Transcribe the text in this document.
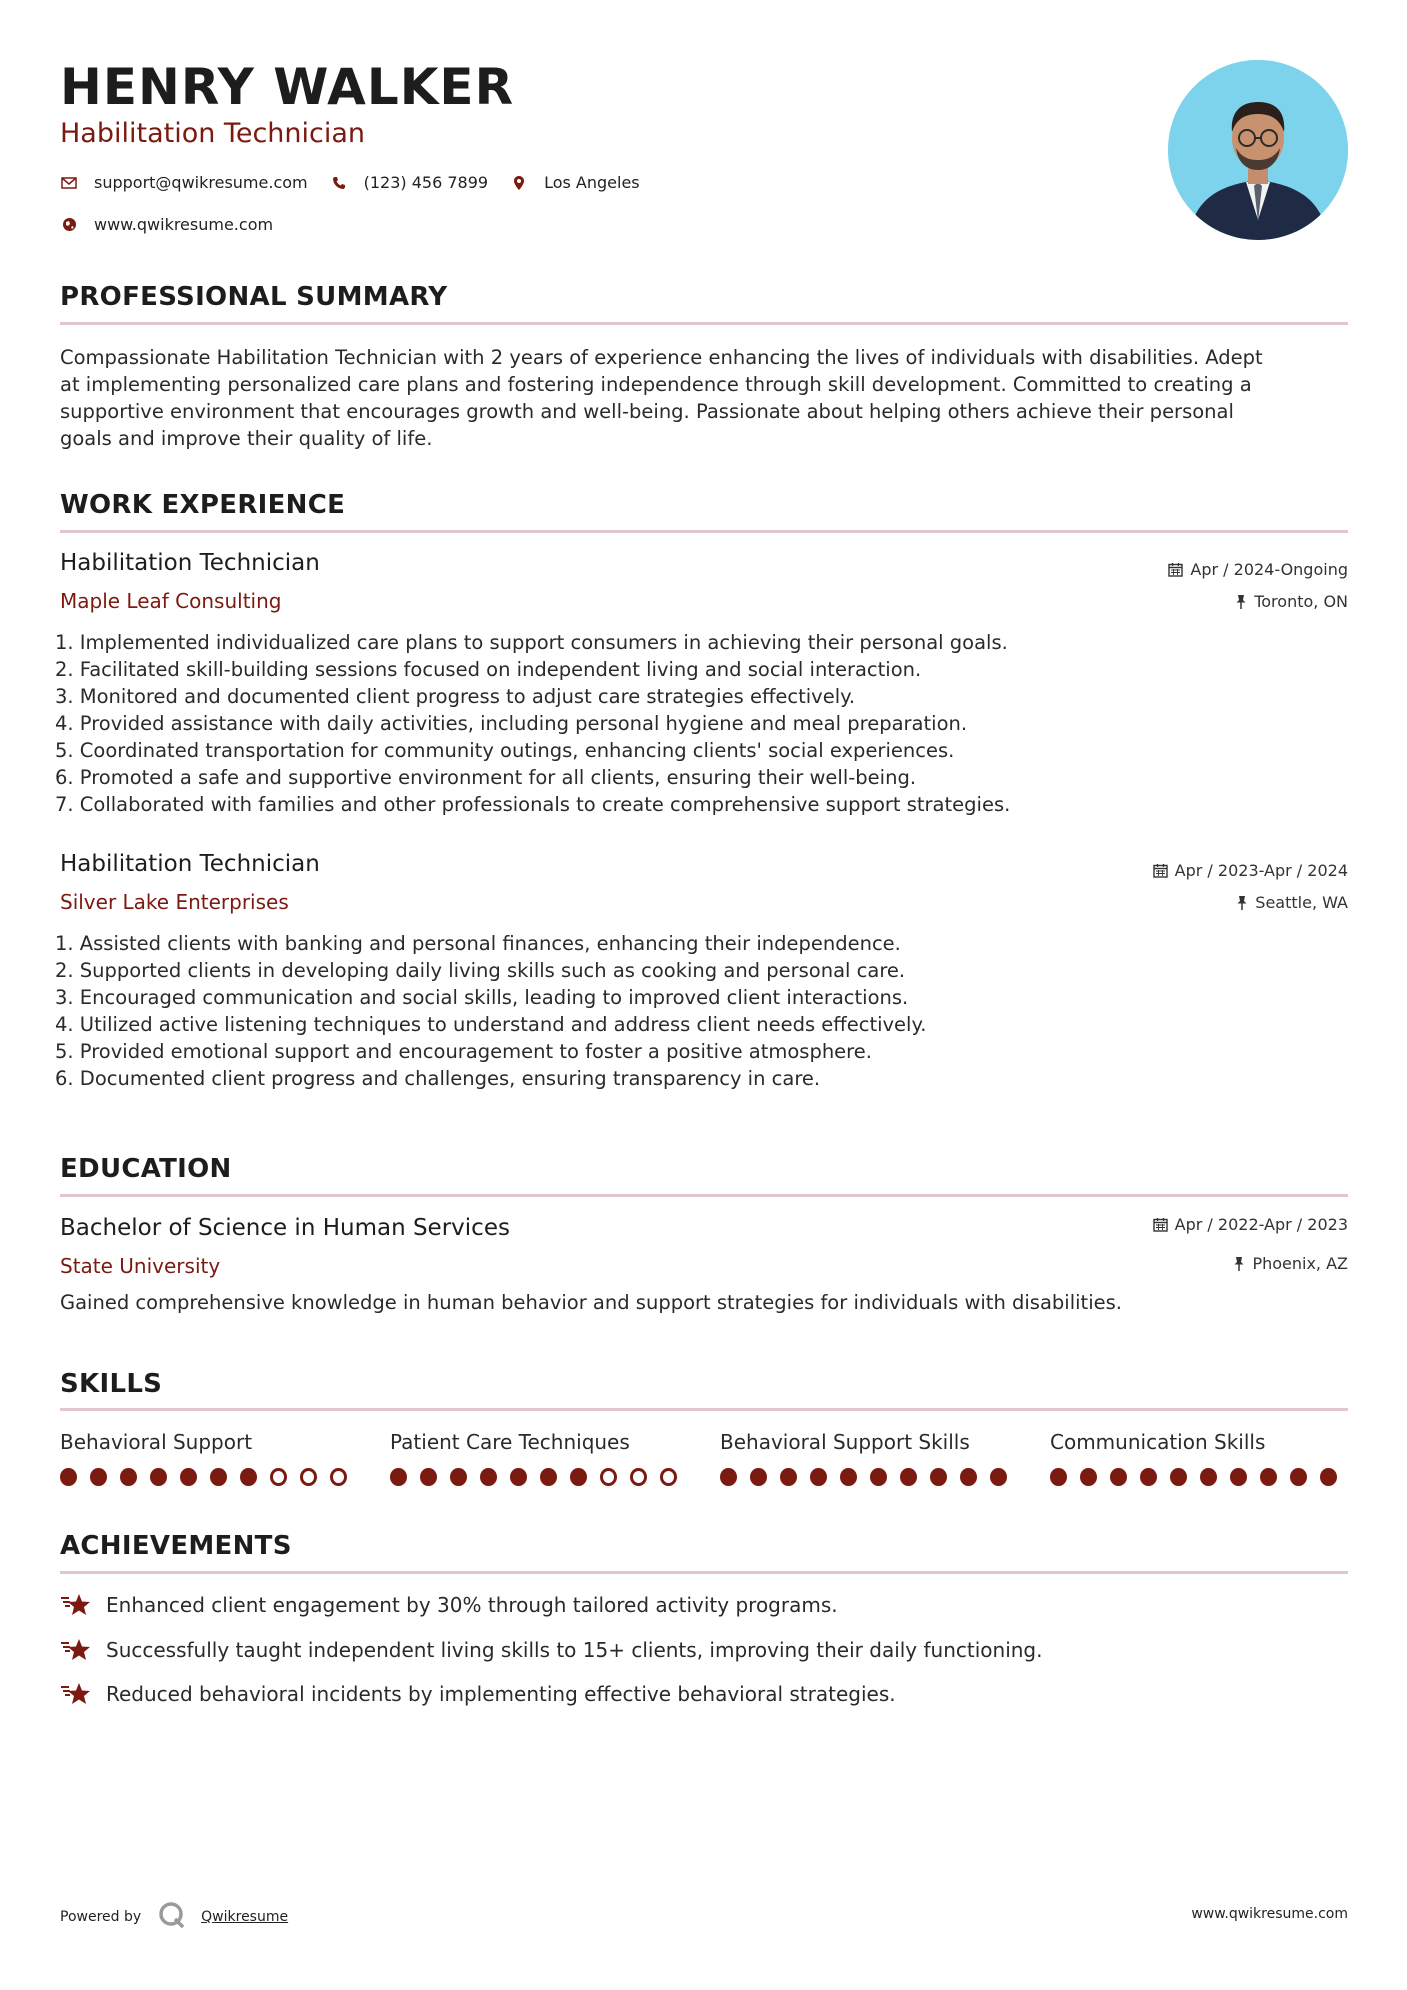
HENRY WALKER
Habilitation Technician
support@qwikresume.com	(123) 456 7899	Los Angeles
www.qwikresume.com
PROFESSIONAL SUMMARY
Compassionate Habilitation Technician with 2 years of experience enhancing the lives of individuals with disabilities. Adept
at implementing personalized care plans and fostering independence through skill development. Committed to creating a
supportive environment that encourages growth and well-being. Passionate about helping others achieve their personal
goals and improve their quality of life.
WORK EXPERIENCE
Habilitation Technician
Maple Leaf Consulting
Apr / 2024-Ongoing
Toronto, ON
1. Implemented individualized care plans to support consumers in achieving their personal goals.
2. Facilitated skill-building sessions focused on independent living and social interaction.
3. Monitored and documented client progress to adjust care strategies effectively.
4. Provided assistance with daily activities, including personal hygiene and meal preparation.
5. Coordinated transportation for community outings, enhancing clients' social experiences.
6. Promoted a safe and supportive environment for all clients, ensuring their well-being.
7. Collaborated with families and other professionals to create comprehensive support strategies.
Habilitation Technician
Silver Lake Enterprises
Apr / 2023-Apr / 2024
Seattle, WA
1. Assisted clients with banking and personal finances, enhancing their independence.
2. Supported clients in developing daily living skills such as cooking and personal care.
3. Encouraged communication and social skills, leading to improved client interactions.
4. Utilized active listening techniques to understand and address client needs effectively.
5. Provided emotional support and encouragement to foster a positive atmosphere.
6. Documented client progress and challenges, ensuring transparency in care.
EDUCATION
Bachelor of Science in Human Services
State University
Apr / 2022-Apr / 2023
Phoenix, AZ
Gained comprehensive knowledge in human behavior and support strategies for individuals with disabilities.
SKILLS
Behavioral Support	Patient Care Techniques	Behavioral Support Skills	Communication Skills
ACHIEVEMENTS
Enhanced client engagement by 30% through tailored activity programs.
Successfully taught independent living skills to 15+ clients, improving their daily functioning.
Reduced behavioral incidents by implementing effective behavioral strategies.
Powered by	Qwikresume	www.qwikresume.com
